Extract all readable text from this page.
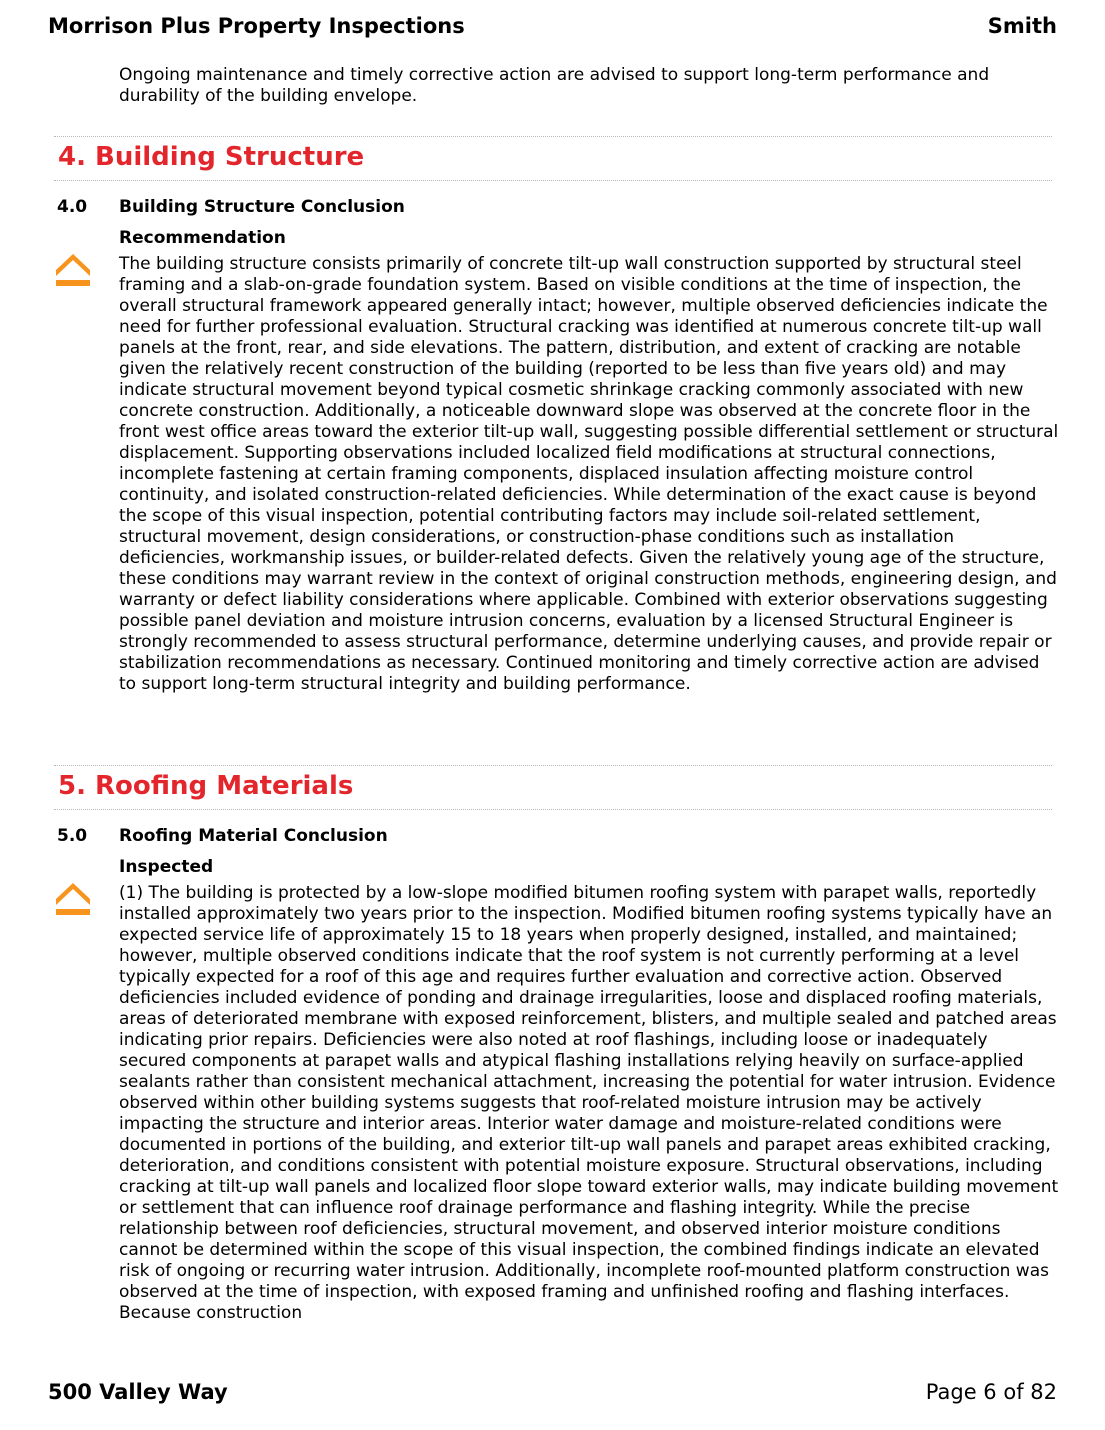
Morrison Plus Property Inspections	Smith
Ongoing maintenance and timely corrective action are advised to support long-term performance and durability of the building envelope.
4. Building Structure
4.0 Building Structure Conclusion
Recommendation
The building structure consists primarily of concrete tilt-up wall construction supported by structural steel framing and a slab-on-grade foundation system. Based on visible conditions at the time of inspection, the overall structural framework appeared generally intact; however, multiple observed deficiencies indicate the need for further professional evaluation. Structural cracking was identified at numerous concrete tilt-up wall panels at the front, rear, and side elevations. The pattern, distribution, and extent of cracking are notable given the relatively recent construction of the building (reported to be less than five years old) and may indicate structural movement beyond typical cosmetic shrinkage cracking commonly associated with new concrete construction. Additionally, a noticeable downward slope was observed at the concrete floor in the front west office areas toward the exterior tilt-up wall, suggesting possible differential settlement or structural displacement. Supporting observations included localized field modifications at structural connections, incomplete fastening at certain framing components, displaced insulation affecting moisture control continuity, and isolated construction-related deficiencies. While determination of the exact cause is beyond the scope of this visual inspection, potential contributing factors may include soil-related settlement, structural movement, design considerations, or construction-phase conditions such as installation deficiencies, workmanship issues, or builder-related defects. Given the relatively young age of the structure, these conditions may warrant review in the context of original construction methods, engineering design, and warranty or defect liability considerations where applicable. Combined with exterior observations suggesting possible panel deviation and moisture intrusion concerns, evaluation by a licensed Structural Engineer is strongly recommended to assess structural performance, determine underlying causes, and provide repair or stabilization recommendations as necessary. Continued monitoring and timely corrective action are advised to support long-term structural integrity and building performance.
5. Roofing Materials
5.0 Roofing Material Conclusion
Inspected
(1) The building is protected by a low-slope modified bitumen roofing system with parapet walls, reportedly installed approximately two years prior to the inspection. Modified bitumen roofing systems typically have an expected service life of approximately 15 to 18 years when properly designed, installed, and maintained; however, multiple observed conditions indicate that the roof system is not currently performing at a level typically expected for a roof of this age and requires further evaluation and corrective action. Observed deficiencies included evidence of ponding and drainage irregularities, loose and displaced roofing materials, areas of deteriorated membrane with exposed reinforcement, blisters, and multiple sealed and patched areas indicating prior repairs. Deficiencies were also noted at roof flashings, including loose or inadequately secured components at parapet walls and atypical flashing installations relying heavily on surface-applied sealants rather than consistent mechanical attachment, increasing the potential for water intrusion. Evidence observed within other building systems suggests that roof-related moisture intrusion may be actively impacting the structure and interior areas. Interior water damage and moisture-related conditions were documented in portions of the building, and exterior tilt-up wall panels and parapet areas exhibited cracking, deterioration, and conditions consistent with potential moisture exposure. Structural observations, including cracking at tilt-up wall panels and localized floor slope toward exterior walls, may indicate building movement or settlement that can influence roof drainage performance and flashing integrity. While the precise relationship between roof deficiencies, structural movement, and observed interior moisture conditions cannot be determined within the scope of this visual inspection, the combined findings indicate an elevated risk of ongoing or recurring water intrusion. Additionally, incomplete roof-mounted platform construction was observed at the time of inspection, with exposed framing and unfinished roofing and flashing interfaces. Because construction
500 Valley Way	Page 6 of 82
